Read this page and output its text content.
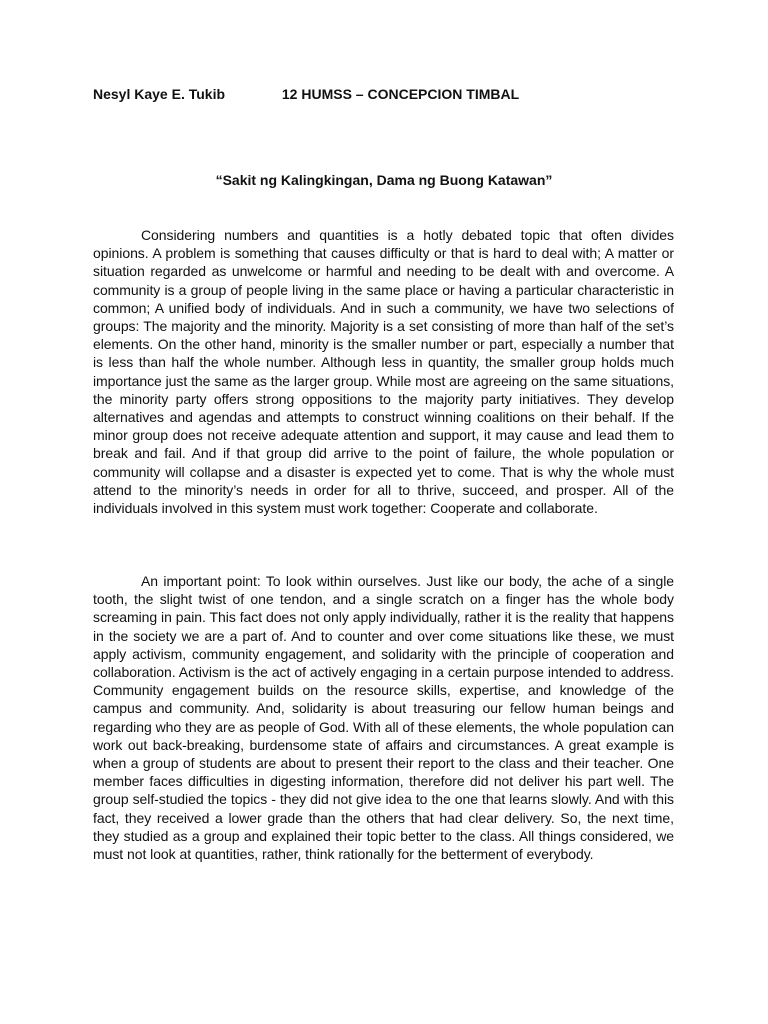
Nesyl Kaye E. Tukib	12 HUMSS – CONCEPCION TIMBAL
“Sakit ng Kalingkingan, Dama ng Buong Katawan”

Considering numbers and quantities is a hotly debated topic that often divides opinions. A problem is something that causes difficulty or that is hard to deal with; A matter or situation regarded as unwelcome or harmful and needing to be dealt with and overcome. A community is a group of people living in the same place or having a particular characteristic in common; A unified body of individuals. And in such a community, we have two selections of groups: The majority and the minority. Majority is a set consisting of more than half of the set’s elements. On the other hand, minority is the smaller number or part, especially a number that is less than half the whole number. Although less in quantity, the smaller group holds much importance just the same as the larger group. While most are agreeing on the same situations, the minority party offers strong oppositions to the majority party initiatives. They develop alternatives and agendas and attempts to construct winning coalitions on their behalf. If the minor group does not receive adequate attention and support, it may cause and lead them to break and fail. And if that group did arrive to the point of failure, the whole population or community will collapse and a disaster is expected yet to come. That is why the whole must attend to the minority’s needs in order for all to thrive, succeed, and prosper. All of the individuals involved in this system must work together: Cooperate and collaborate.

An important point: To look within ourselves. Just like our body, the ache of a single tooth, the slight twist of one tendon, and a single scratch on a finger has the whole body screaming in pain. This fact does not only apply individually, rather it is the reality that happens in the society we are a part of. And to counter and over come situations like these, we must apply activism, community engagement, and solidarity with the principle of cooperation and collaboration. Activism is the act of actively engaging in a certain purpose intended to address. Community engagement builds on the resource skills, expertise, and knowledge of the campus and community. And, solidarity is about treasuring our fellow human beings and regarding who they are as people of God. With all of these elements, the whole population can work out back-breaking, burdensome state of affairs and circumstances. A great example is when a group of students are about to present their report to the class and their teacher. One member faces difficulties in digesting information, therefore did not deliver his part well. The group self-studied the topics - they did not give idea to the one that learns slowly. And with this fact, they received a lower grade than the others that had clear delivery. So, the next time, they studied as a group and explained their topic better to the class. All things considered, we must not look at quantities, rather, think rationally for the betterment of everybody.
